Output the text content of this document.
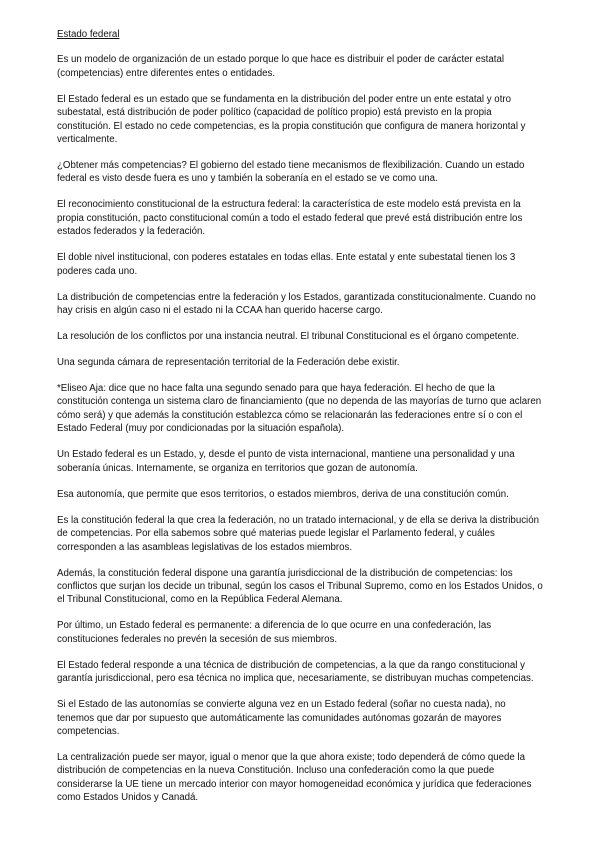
Estado federal

Es un modelo de organización de un estado porque lo que hace es distribuir el poder de carácter estatal (competencias) entre diferentes entes o entidades.

El Estado federal es un estado que se fundamenta en la distribución del poder entre un ente estatal y otro subestatal, está distribución de poder político (capacidad de político propio) está previsto en la propia constitución. El estado no cede competencias, es la propia constitución que configura de manera horizontal y verticalmente.

¿Obtener más competencias? El gobierno del estado tiene mecanismos de flexibilización. Cuando un estado federal es visto desde fuera es uno y también la soberanía en el estado se ve como una.

El reconocimiento constitucional de la estructura federal: la característica de este modelo está prevista en la propia constitución, pacto constitucional común a todo el estado federal que prevé está distribución entre los estados federados y la federación.

El doble nivel institucional, con poderes estatales en todas ellas. Ente estatal y ente subestatal tienen los 3 poderes cada uno.

La distribución de competencias entre la federación y los Estados, garantizada constitucionalmente. Cuando no hay crisis en algún caso ni el estado ni la CCAA han querido hacerse cargo.

La resolución de los conflictos por una instancia neutral. El tribunal Constitucional es el órgano competente.

Una segunda cámara de representación territorial de la Federación debe existir.

*Eliseo Aja: dice que no hace falta una segundo senado para que haya federación. El hecho de que la constitución contenga un sistema claro de financiamiento (que no dependa de las mayorías de turno que aclaren cómo será) y que además la constitución establezca cómo se relacionarán las federaciones entre sí o con el Estado Federal (muy por condicionadas por la situación española).

Un Estado federal es un Estado, y, desde el punto de vista internacional, mantiene una personalidad y una soberanía únicas. Internamente, se organiza en territorios que gozan de autonomía.

Esa autonomía, que permite que esos territorios, o estados miembros, deriva de una constitución común.

Es la constitución federal la que crea la federación, no un tratado internacional, y de ella se deriva la distribución de competencias. Por ella sabemos sobre qué materias puede legislar el Parlamento federal, y cuáles corresponden a las asambleas legislativas de los estados miembros.

Además, la constitución federal dispone una garantía jurisdiccional de la distribución de competencias: los conflictos que surjan los decide un tribunal, según los casos el Tribunal Supremo, como en los Estados Unidos, o el Tribunal Constitucional, como en la República Federal Alemana.

Por último, un Estado federal es permanente: a diferencia de lo que ocurre en una confederación, las constituciones federales no prevén la secesión de sus miembros.

El Estado federal responde a una técnica de distribución de competencias, a la que da rango constitucional y garantía jurisdiccional, pero esa técnica no implica que, necesariamente, se distribuyan muchas competencias.

Si el Estado de las autonomías se convierte alguna vez en un Estado federal (soñar no cuesta nada), no tenemos que dar por supuesto que automáticamente las comunidades autónomas gozarán de mayores competencias.

La centralización puede ser mayor, igual o menor que la que ahora existe; todo dependerá de cómo quede la distribución de competencias en la nueva Constitución. Incluso una confederación como la que puede considerarse la UE tiene un mercado interior con mayor homogeneidad económica y jurídica que federaciones como Estados Unidos y Canadá.
